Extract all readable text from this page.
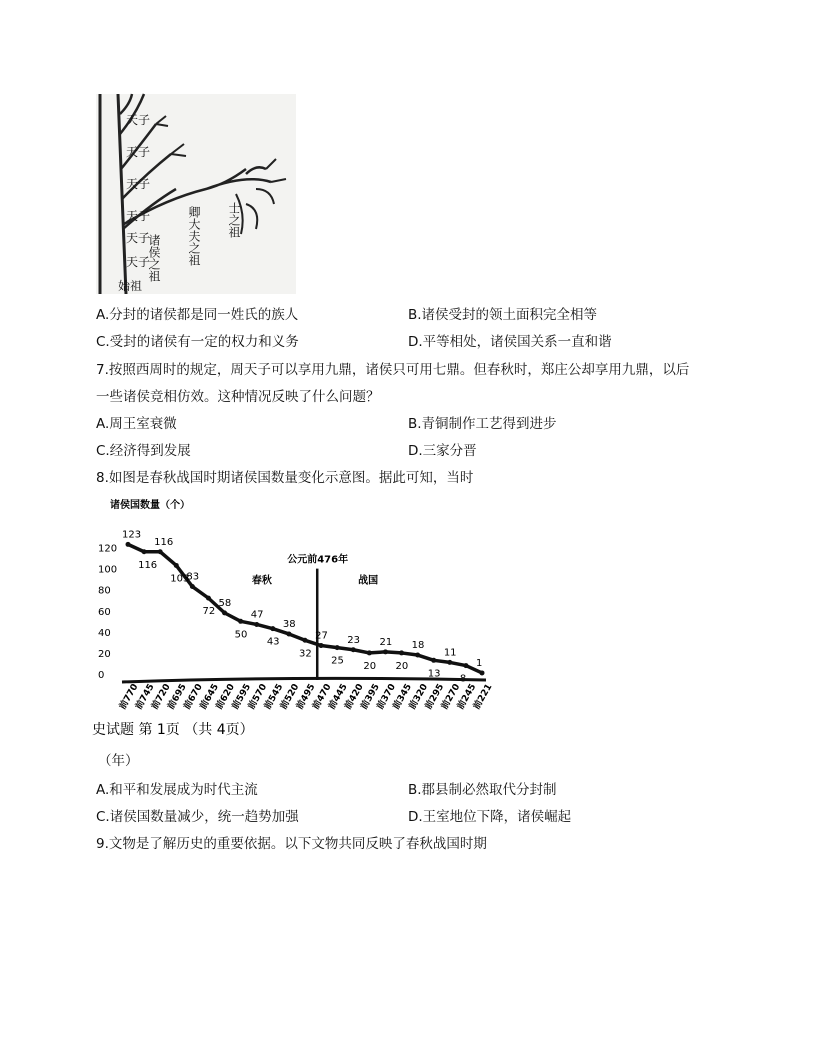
天子
天子
天子
天子
天子
天子
始祖
诸侯之祖 卿大夫之祖 士之祖
A.分封的诸侯都是同一姓氏的族人	B.诸侯受封的领土面积完全相等
C.受封的诸侯有一定的权力和义务	D.平等相处，诸侯国关系一直和谐
7.按照西周时的规定，周天子可以享用九鼎，诸侯只可用七鼎。但春秋时，郑庄公却享用九鼎，以后
一些诸侯竞相仿效。这种情况反映了什么问题？
A.周王室衰微	B.青铜制作工艺得到进步
C.经济得到发展	D.三家分晋
8.如图是春秋战国时期诸侯国数量变化示意图。据此可知，当时
诸侯国数量（个）
120
100
80
60
40
20
0
公元前476年
春秋	战国
123
116
116
103
83
72
58
50
47
43
38
32
27
25
23
20
21
20
18
13
11
8
1
前770
前745
前720
前695
前670
前645
前620
前595
前570
前545
前520
前495
前470
前445
前420
前395
前370
前345
前320
前295
前270
前245
前221
史试题 第 1页 （共 4页）
（年）
A.和平和发展成为时代主流	B.郡县制必然取代分封制
C.诸侯国数量减少，统一趋势加强	D.王室地位下降，诸侯崛起
9.文物是了解历史的重要依据。以下文物共同反映了春秋战国时期
